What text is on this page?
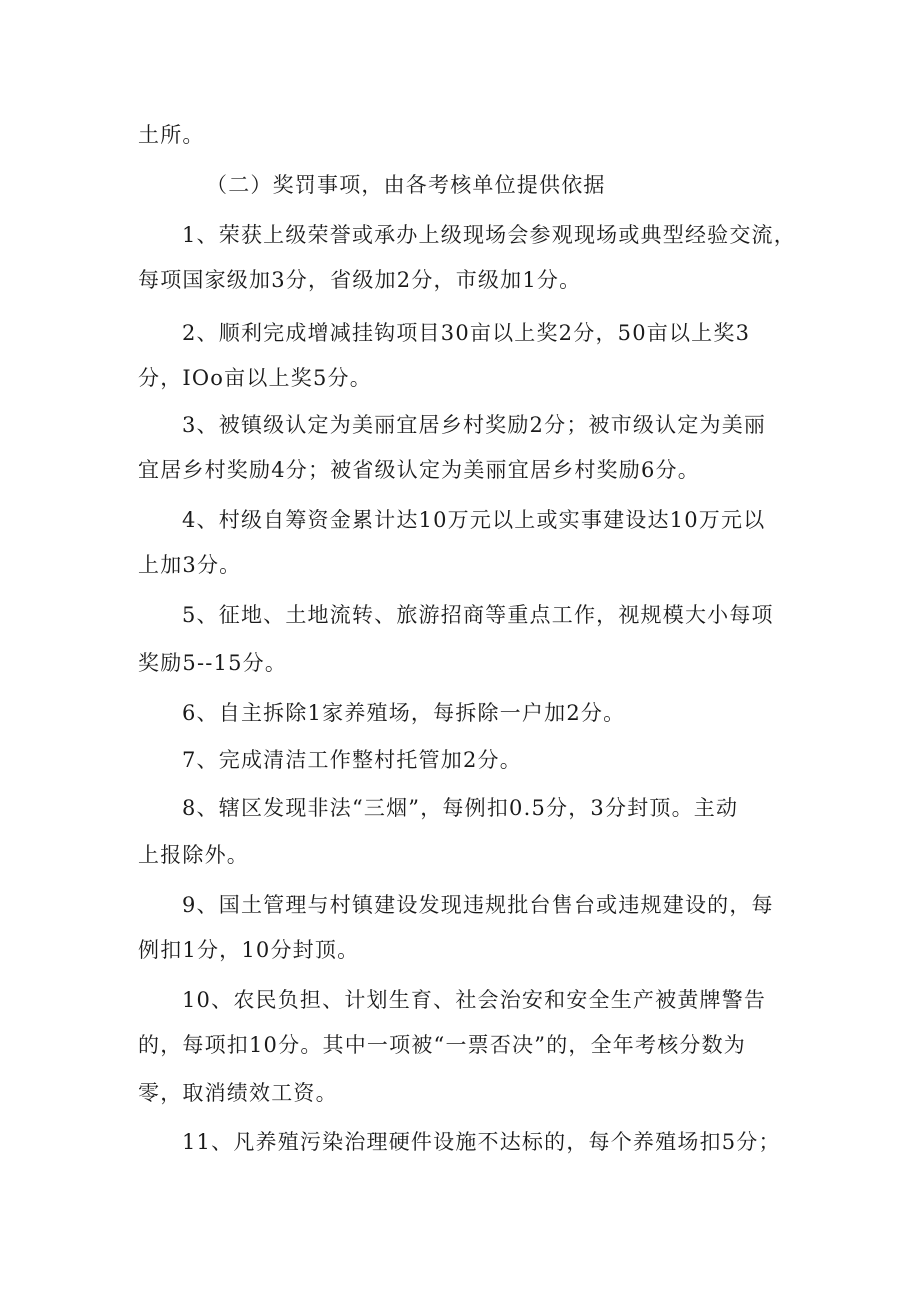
土所。
（二）奖罚事项，由各考核单位提供依据
1、荣获上级荣誉或承办上级现场会参观现场或典型经验交流，
每项国家级加3分，省级加2分，市级加1分。
2、顺利完成增减挂钩项目30亩以上奖2分，50亩以上奖3
分，IOo亩以上奖5分。
3、被镇级认定为美丽宜居乡村奖励2分；被市级认定为美丽
宜居乡村奖励4分；被省级认定为美丽宜居乡村奖励6分。
4、村级自筹资金累计达10万元以上或实事建设达10万元以
上加3分。
5、征地、土地流转、旅游招商等重点工作，视规模大小每项
奖励5--15分。
6、自主拆除1家养殖场，每拆除一户加2分。
7、完成清洁工作整村托管加2分。
8、辖区发现非法“三烟”，每例扣0.5分，3分封顶。主动
上报除外。
9、国土管理与村镇建设发现违规批台售台或违规建设的，每
例扣1分，10分封顶。
10、农民负担、计划生育、社会治安和安全生产被黄牌警告
的，每项扣10分。其中一项被“一票否决”的，全年考核分数为
零，取消绩效工资。
11、凡养殖污染治理硬件设施不达标的，每个养殖场扣5分；
